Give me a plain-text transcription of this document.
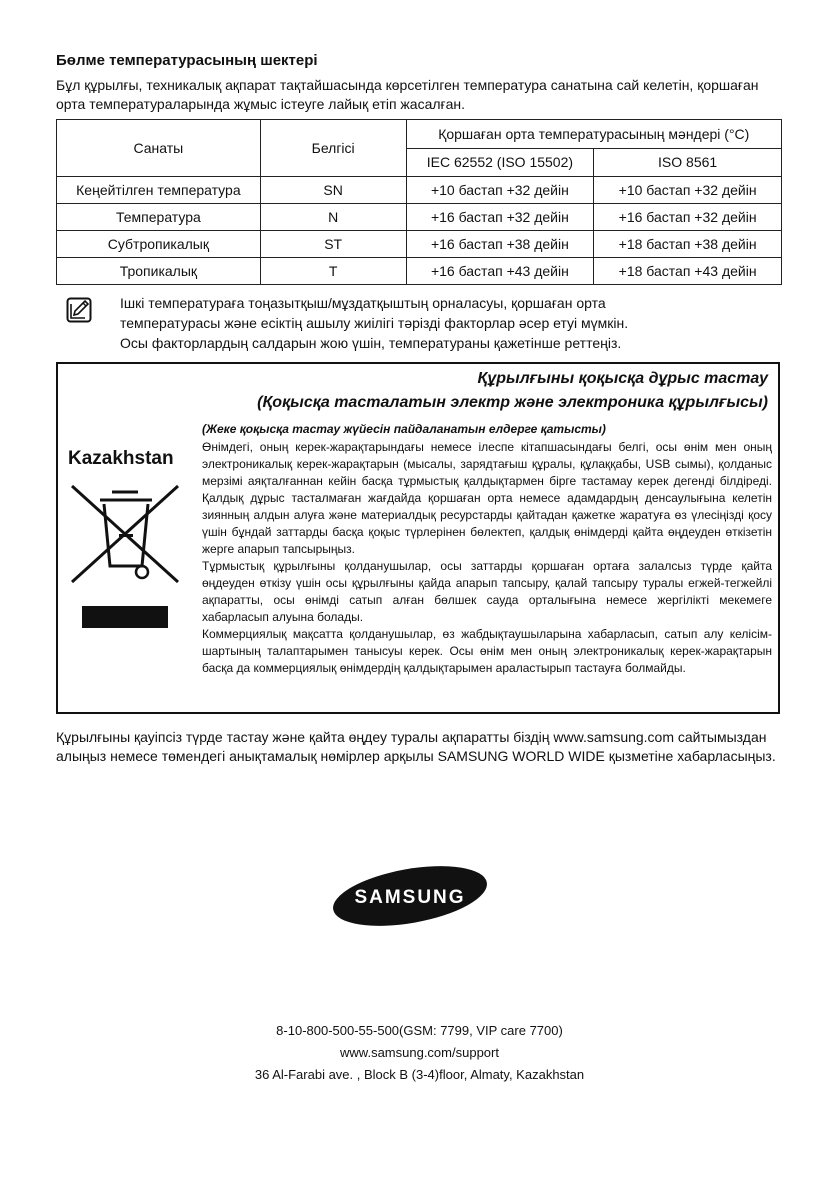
Бөлме температурасының шектері

Бұл құрылғы, техникалық ақпарат тақтайшасында көрсетілген температура санатына сай келетін, қоршаған орта температураларында жұмыс істеуге лайық етіп жасалған.

Санаты	Белгісі	Қоршаған орта температурасының мәндері (°C)	
		IEC 62552 (ISO 15502)	ISO 8561
Кеңейтілген температура	SN	+10 бастап +32 дейін	+10 бастап +32 дейін
Температура	N	+16 бастап +32 дейін	+16 бастап +32 дейін
Субтропикалық	ST	+16 бастап +38 дейін	+18 бастап +38 дейін
Тропикалық	T	+16 бастап +43 дейін	+18 бастап +43 дейін

Ішкі температураға тоңазытқыш/мұздатқыштың орналасуы, қоршаған орта
температурасы және есіктің ашылу жиілігі тәрізді факторлар әсер етуі мүмкін.
Осы факторлардың салдарын жою үшін, температураны қажетінше реттеңіз.

Құрылғыны қоқысқа дұрыс тастау

(Қоқысқа тасталатын электр және электроника құрылғысы)

(Жеке қоқысқа тастау жүйесін пайдаланатын елдерге қатысты)

Kazakhstan

Өнімдегі, оның керек-жарақтарындағы немесе ілеспе кітапшасындағы белгі, осы өнім мен оның электроникалық керек-жарақтарын (мысалы, зарядтағыш құралы, құлаққабы, USB сымы), қолданыс мерзімі аяқталғаннан кейін басқа тұрмыстық қалдықтармен бірге тастамау керек дегенді білдіреді. Қалдық дұрыс тасталмаған жағдайда қоршаған орта немесе адамдардың денсаулығына келетін зиянның алдын алуға және материалдық ресурстарды қайтадан қажетке жаратуға өз үлесіңізді қосу үшін бұндай заттарды басқа қоқыс түрлерінен бөлектеп, қалдық өнімдерді қайта өңдеуден өткізетін жерге апарып тапсырыңыз.

Тұрмыстық құрылғыны қолданушылар, осы заттарды қоршаған ортаға залалсыз түрде қайта өңдеуден өткізу үшін осы құрылғыны қайда апарып тапсыру, қалай тапсыру туралы егжей-тегжейлі ақпаратты, осы өнімді сатып алған бөлшек сауда орталығына немесе жергілікті мекемеге хабарласып алуына болады.

Коммерциялық мақсатта қолданушылар, өз жабдықтаушыларына хабарласып, сатып алу келісім-шартының талаптарымен танысуы керек. Осы өнім мен оның электроникалық керек-жарақтарын басқа да коммерциялық өнімдердің қалдықтарымен араластырып тастауға болмайды.

Құрылғыны қауіпсіз түрде тастау және қайта өңдеу туралы ақпаратты біздің www.samsung.com сайтымыздан алыңыз немесе төмендегі анықтамалық нөмірлер арқылы SAMSUNG WORLD WIDE қызметіне хабарласыңыз.

SAMSUNG
8-10-800-500-55-500(GSM: 7799, VIP care 7700)
www.samsung.com/support
36 Al-Farabi ave. , Block B (3-4)floor, Almaty, Kazakhstan
